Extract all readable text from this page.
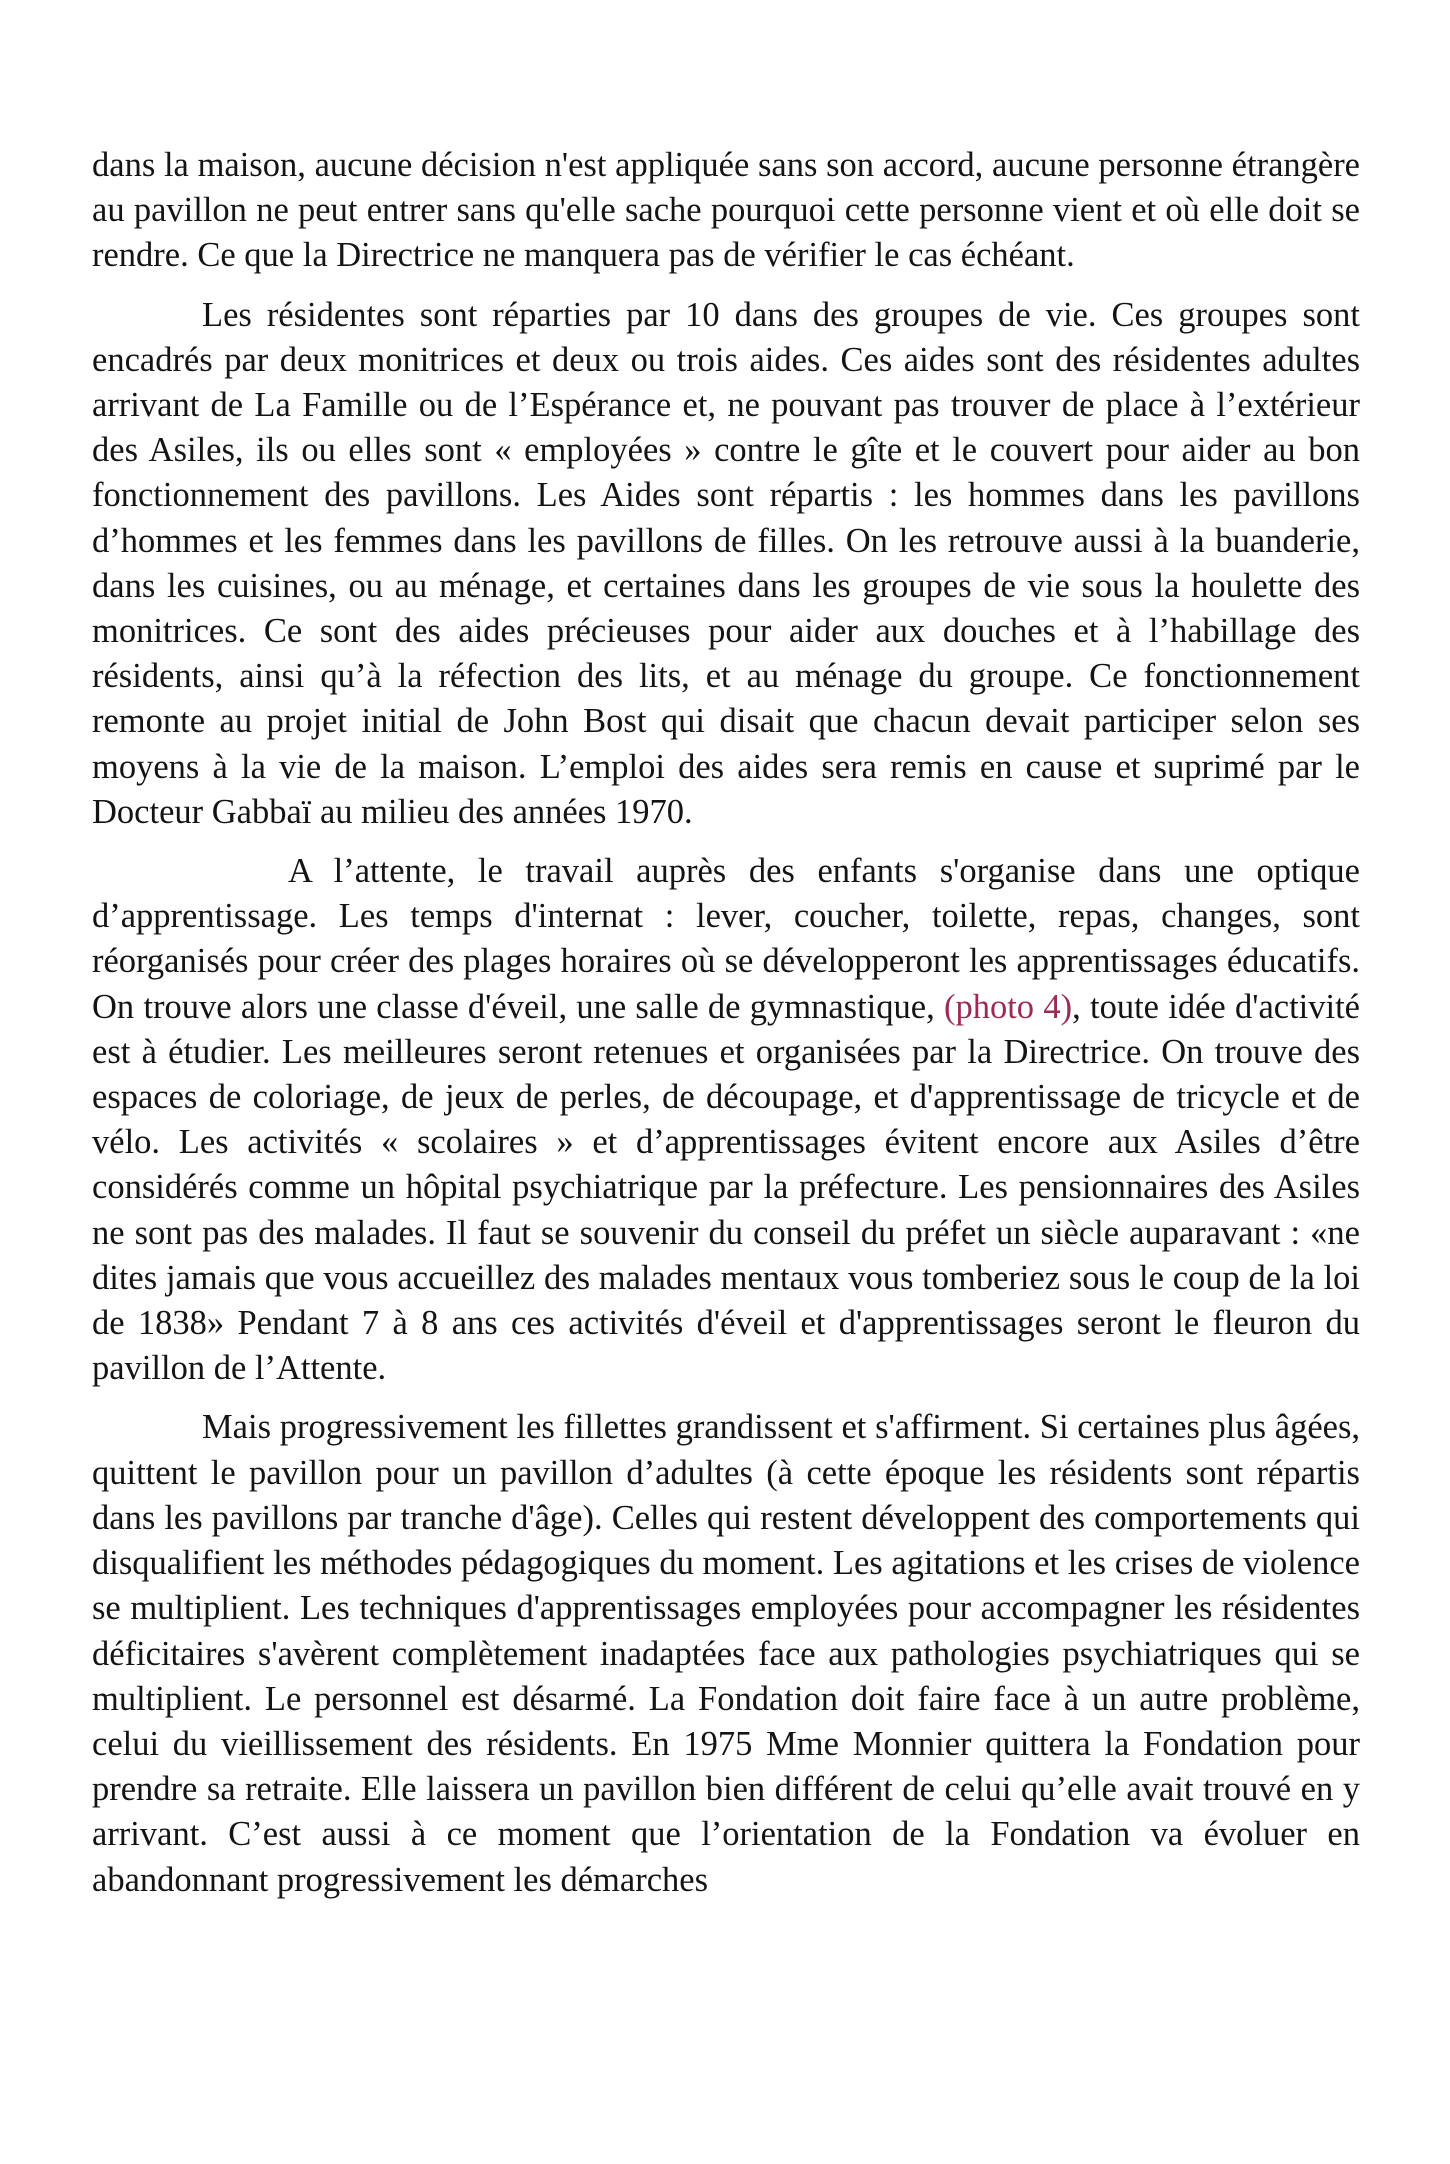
dans la maison, aucune décision n'est appliquée sans son accord, aucune personne étrangère au pavillon ne peut entrer sans qu'elle sache pourquoi cette personne vient et où elle doit se rendre. Ce que la Directrice ne manquera pas de vérifier le cas échéant.

Les résidentes sont réparties par 10 dans des groupes de vie. Ces groupes sont encadrés par deux monitrices et deux ou trois aides. Ces aides sont des résidentes adultes arrivant de La Famille ou de l’Espérance et, ne pouvant pas trouver de place à l’extérieur des Asiles, ils ou elles sont « employées » contre le gîte et le couvert pour aider au bon fonctionnement des pavillons. Les Aides sont répartis : les hommes dans les pavillons d’hommes et les femmes dans les pavillons de filles. On les retrouve aussi à la buanderie, dans les cuisines, ou au ménage, et certaines dans les groupes de vie sous la houlette des monitrices. Ce sont des aides précieuses pour aider aux douches et à l’habillage des résidents, ainsi qu’à la réfection des lits, et au ménage du groupe. Ce fonctionnement remonte au projet initial de John Bost qui disait que chacun devait participer selon ses moyens à la vie de la maison. L’emploi des aides sera remis en cause et suprimé par le Docteur Gabbaï au milieu des années 1970.

A l’attente, le travail auprès des enfants s'organise dans une optique d’apprentissage. Les temps d'internat : lever, coucher, toilette, repas, changes, sont réorganisés pour créer des plages horaires où se développeront les apprentissages éducatifs. On trouve alors une classe d'éveil, une salle de gymnastique, (photo 4), toute idée d'activité est à étudier. Les meilleures seront retenues et organisées par la Directrice. On trouve des espaces de coloriage, de jeux de perles, de découpage, et d'apprentissage de tricycle et de vélo. Les activités « scolaires » et d’apprentissages évitent encore aux Asiles d’être considérés comme un hôpital psychiatrique par la préfecture. Les pensionnaires des Asiles ne sont pas des malades. Il faut se souvenir du conseil du préfet un siècle auparavant : «ne dites jamais que vous accueillez des malades mentaux vous tomberiez sous le coup de la loi de 1838» Pendant 7 à 8 ans ces activités d'éveil et d'apprentissages seront le fleuron du pavillon de l’Attente.

Mais progressivement les fillettes grandissent et s'affirment. Si certaines plus âgées, quittent le pavillon pour un pavillon d’adultes (à cette époque les résidents sont répartis dans les pavillons par tranche d'âge). Celles qui restent développent des comportements qui disqualifient les méthodes pédagogiques du moment. Les agitations et les crises de violence se multiplient. Les techniques d'apprentissages employées pour accompagner les résidentes déficitaires s'avèrent complètement inadaptées face aux pathologies psychiatriques qui se multiplient. Le personnel est désarmé. La Fondation doit faire face à un autre problème, celui du vieillissement des résidents. En 1975 Mme Monnier quittera la Fondation pour prendre sa retraite. Elle laissera un pavillon bien différent de celui qu’elle avait trouvé en y arrivant. C’est aussi à ce moment que l’orientation de la Fondation va évoluer en abandonnant progressivement les démarches
